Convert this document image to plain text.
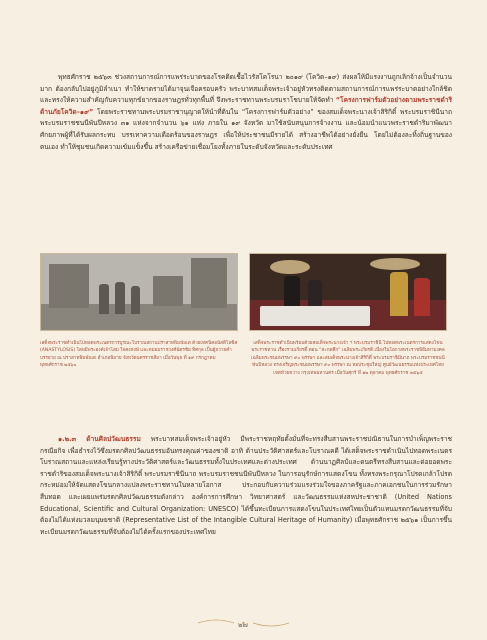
พุทธศักราช ๒๕๖๓ ช่วงสถานการณ์การแพร่ระบาดของโรคติดเชื้อไวรัสโคโรนา ๒๐๑๙ (โควิด–๑๙) ส่งผลให้มีแรงงานถูกเลิกจ้างเป็นจำนวนมาก ต้องกลับไปอยู่ภูมิลำเนา ทำให้ขาดรายได้มาจุนเจือครอบครัว พระบาทสมเด็จพระเจ้าอยู่หัวทรงติดตามสถานการณ์การแพร่ระบาดอย่างใกล้ชิด และทรงให้ความสำคัญกับความทุกข์ยากของราษฎรทั่วทุกพื้นที่ จึงพระราชทานพระบรมราโชบายให้จัดทำ “โครงการฟาร์มตัวอย่างตามพระราชดำริ ต้านภัยโควิด–๑๙” โดยพระราชทานพระบรมราชานุญาตให้นำที่ดินใน “โครงการฟาร์มตัวอย่าง” ของสมเด็จพระนางเจ้าสิริกิติ์ พระบรมราชินีนาถ พระบรมราชชนนีพันปีหลวง ๓๑ แห่งจากจำนวน ๖๑ แห่ง ภายใน ๑๙ จังหวัด มาใช้สนับสนุนการจ้างงาน และน้อมนำแนวพระราชดำริมาพัฒนาศักยภาพผู้ที่ได้รับผลกระทบ บรรเทาความเดือดร้อนของราษฎร เพื่อให้ประชาชนมีรายได้ สร้างอาชีพได้อย่างยั่งยืน โดยไม่ต้องละทิ้งถิ่นฐานของตนเอง ทำให้ชุมชนเกิดความเข้มแข็งขึ้น สร้างเครือข่ายเชื่อมโยงทั้งภายในระดับจังหวัดและระดับประเทศ

เสด็จพระราชดำเนินไปทอดพระเนตรการบูรณะโบราณสถานปราสาทพิมพ์มเด ด้วยเทคนิคอนัสติโลซิส (ANASTYLOSIS) โดยมีพระองค์เจ้าโสม ใจคงหงษ์ และหม่อมราชวงศ์ฉัตรชัย ทิศกุล เป็นผู้ถวายคำบรรยาย ณ ปราสาทพิมพ์มเด อำเภอพิมาย จังหวัดนครราชสีมา เมื่อวันพุธ ที่ ๑๙ กรกฎาคม พุทธศักราช ๒๕๖๐

เสด็จพระราชดำเนินพร้อมด้วยสมเด็จพระนางเจ้า ฯ พระบรมราชินี ไปทอดพระเนตรการแสดงโขนพระราชทาน เรื่องรามเกียรติ์ ตอน “สะกดศึก” เฉลิมพระเกียรติ เนื่องในโอกาสพระราชพิธีมหามงคลเฉลิมพระชนมพรรษา ๙๐ พรรษา และสมเด็จพระนางเจ้าสิริกิติ์ พระบรมราชินีนาถ พระบรมราชชนนีพันปีหลวง ทรงเจริญพระชนมพรรษา ๙๐ พรรษา ณ หอประชุมใหญ่ ศูนย์วัฒนธรรมแห่งประเทศไทย เขตห้วยขวาง กรุงเทพมหานคร เมื่อวันศุกร์ ที่ ๑๒ ตุลาคม พุทธศักราช ๒๕๖๕

๑.๒.๓ ด้านศิลปวัฒนธรรม พระบาทสมเด็จพระเจ้าอยู่หัว มีพระราชหฤทัยตั้งมั่นที่จะทรงสืบสานพระราชปณิธานในการบำเพ็ญพระราชกรณียกิจ เพื่อธำรงไว้ซึ่งมรดกศิลปวัฒนธรรมอันทรงคุณค่าของชาติ อาทิ ด้านประวัติศาสตร์และโบราณคดี ได้เสด็จพระราชดำเนินไปทอดพระเนตรโบราณสถานและแหล่งเรียนรู้ทางประวัติศาสตร์และวัฒนธรรมทั้งในประเทศและต่างประเทศ ด้านนาฏศิลป์และดนตรีทรงสืบสานและต่อยอดพระราชดำริของสมเด็จพระนางเจ้าสิริกิติ์ พระบรมราชินีนาถ พระบรมราชชนนีพันปีหลวง ในการอนุรักษ์การแสดงโขน ทั้งทรงพระกรุณาโปรดเกล้าโปรดกระหม่อมให้จัดแสดงโขนกลางแปลงพระราชทานในหลายโอกาส ประกอบกับความร่วมแรงร่วมใจของภาครัฐและภาคเอกชนในการร่วมรักษา สืบทอด และเผยแพร่มรดกศิลปวัฒนธรรมดังกล่าว องค์การการศึกษา วิทยาศาสตร์ และวัฒนธรรมแห่งสหประชาชาติ (United Nations Educational, Scientific and Cultural Organization: UNESCO) ได้ขึ้นทะเบียนการแสดงโขนในประเทศไทยเป็นตัวแทนมรดกวัฒนธรรมที่จับต้องไม่ได้แห่งมวลมนุษยชาติ (Representative List of the Intangible Cultural Heritage of Humanity) เมื่อพุทธศักราช ๒๕๖๑ เป็นการขึ้นทะเบียนมรดกวัฒนธรรมที่จับต้องไม่ได้ครั้งแรกของประเทศไทย

๒๗
